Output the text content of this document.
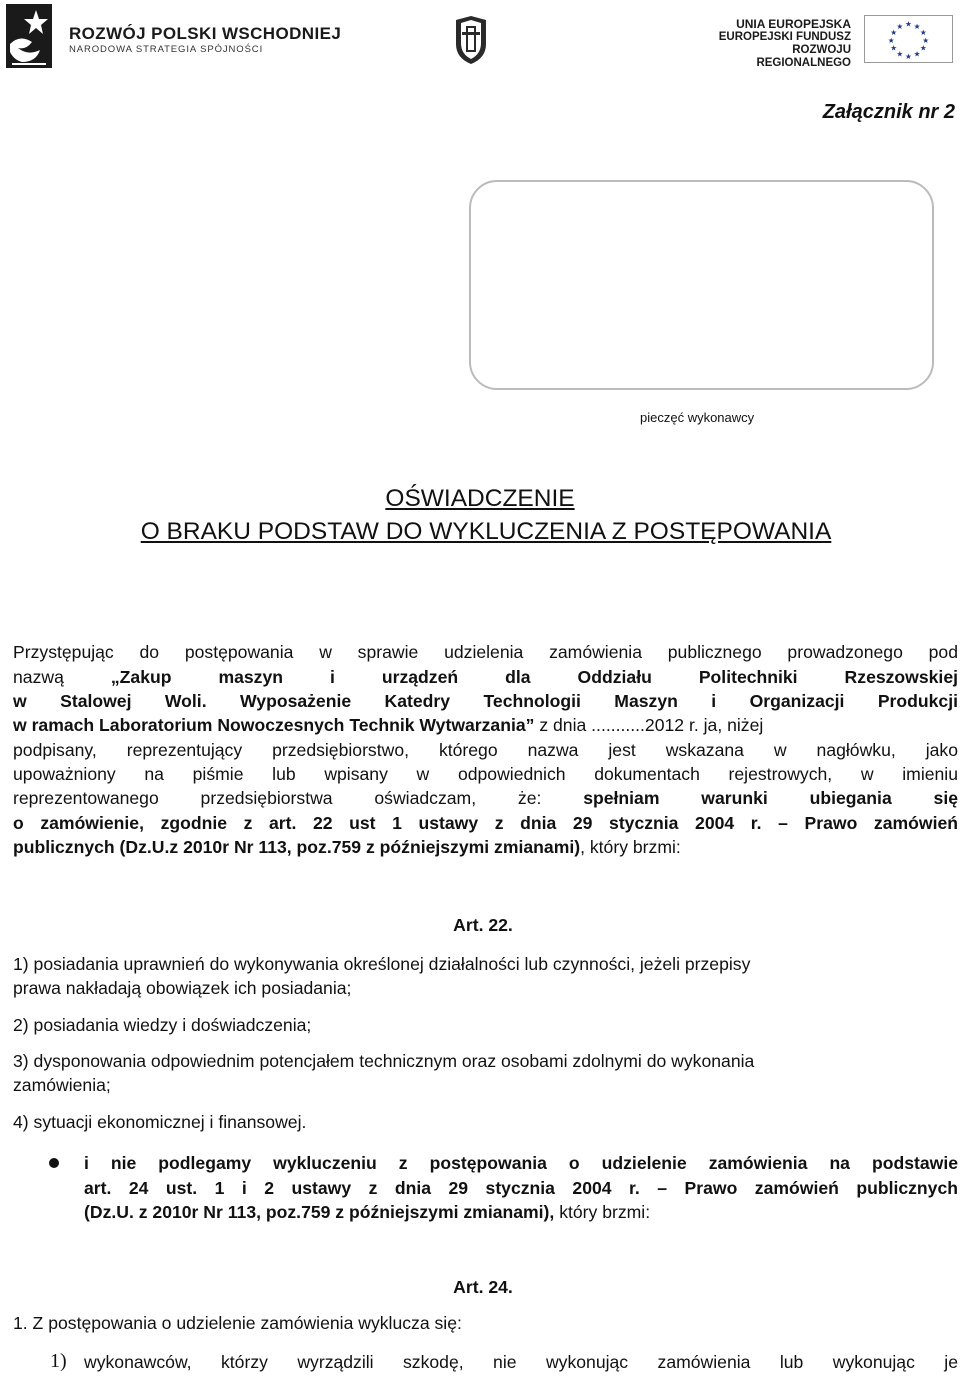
ROZWÓJ POLSKI WSCHODNIEJ
NARODOWA STRATEGIA SPÓJNOŚCI
UNIA EUROPEJSKA
EUROPEJSKI FUNDUSZ
ROZWOJU REGIONALNEGO
★ ★
★
★
★
★
★
★
★
★
★
★
Załącznik nr 2
pieczęć wykonawcy
OŚWIADCZENIE
O BRAKU PODSTAW DO WYKLUCZENIA Z POSTĘPOWANIA
Przystępując do postępowania w sprawie udzielenia zamówienia publicznego prowadzonego pod
nazwą	„Zakup maszyn i urządzeń dla Oddziału Politechniki Rzeszowskiej
w Stalowej Woli. Wyposażenie Katedry Technologii Maszyn i Organizacji Produkcji
w ramach Laboratorium Nowoczesnych Technik Wytwarzania” z dnia ...........2012 r. ja, niżej
podpisany, reprezentujący przedsiębiorstwo, którego nazwa jest wskazana w nagłówku, jako
upoważniony na piśmie lub wpisany w odpowiednich dokumentach rejestrowych, w imieniu
reprezentowanego przedsiębiorstwa oświadczam, że: spełniam warunki ubiegania się
o zamówienie, zgodnie z art. 22 ust 1 ustawy z dnia 29 stycznia 2004 r. – Prawo zamówień
publicznych (Dz.U.z 2010r Nr 113, poz.759 z późniejszymi zmianami), który brzmi:
Art. 22.
1) posiadania uprawnień do wykonywania określonej działalności lub czynności, jeżeli przepisy
prawa nakładają obowiązek ich posiadania;
2) posiadania wiedzy i doświadczenia;
3) dysponowania odpowiednim potencjałem technicznym oraz osobami zdolnymi do wykonania
zamówienia;
4) sytuacji ekonomicznej i finansowej.
i nie podlegamy wykluczeniu z postępowania o udzielenie zamówienia na podstawie
art. 24 ust. 1 i 2 ustawy z dnia 29 stycznia 2004 r. – Prawo zamówień publicznych
(Dz.U. z 2010r Nr 113, poz.759 z późniejszymi zmianami), który brzmi:
Art. 24.
1. Z postępowania o udzielenie zamówienia wyklucza się:
1) wykonawców, którzy wyrządzili szkodę, nie wykonując zamówienia lub wykonując je
